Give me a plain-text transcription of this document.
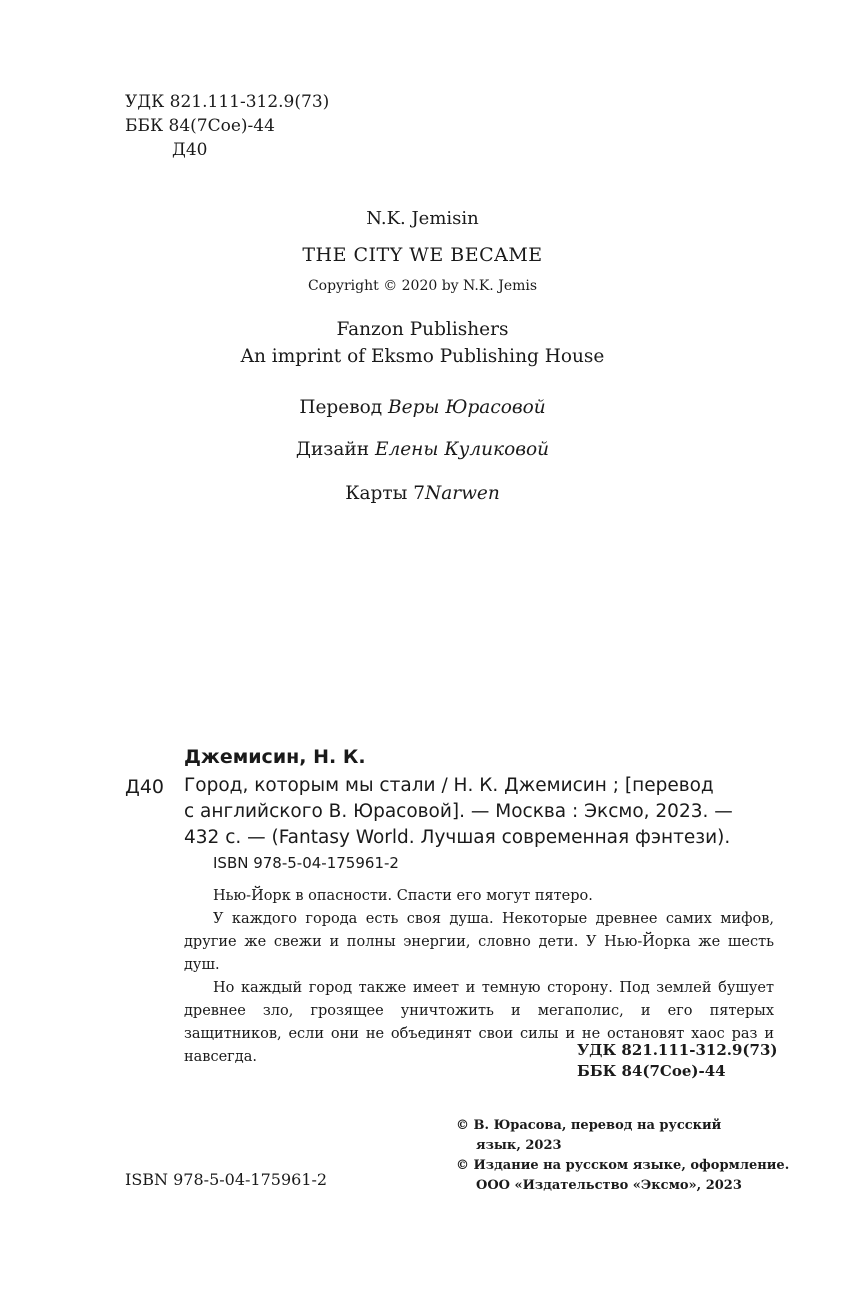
УДК 821.111-312.9(73)
ББК 84(7Сое)-44
Д40
N.K. Jemisin
THE CITY WE BECAME
Copyright © 2020 by N.K. Jemis
Fanzon Publishers
An imprint of Eksmo Publishing House
Перевод Веры Юрасовой
Дизайн Елены Куликовой
Карты 7Narwen
Джемисин, Н. К.
Д40 Город, которым мы стали / Н. К. Джемисин ; [перевод
с английского В. Юрасовой]. — Москва : Эксмо, 2023. —
432 с. — (Fantasy World. Лучшая современная фэнтези).
ISBN 978-5-04-175961-2

Нью-Йорк в опасности. Спасти его могут пятеро.

У каждого города есть своя душа. Некоторые древнее самих мифов, другие же свежи и полны энергии, словно дети. У Нью-Йорка же шесть душ.

Но каждый город также имеет и темную сторону. Под землей бушует древнее зло, грозящее уничтожить и мегаполис, и его пятерых защитников, если они не объединят свои силы и не остановят хаос раз и навсегда.	УДК 821.111-312.9(73)
ББК 84(7Сое)-44
© В. Юрасова, перевод на русский
язык, 2023
© Издание на русском языке, оформление.
ООО «Издательство «Эксмо», 2023
ISBN 978-5-04-175961-2
